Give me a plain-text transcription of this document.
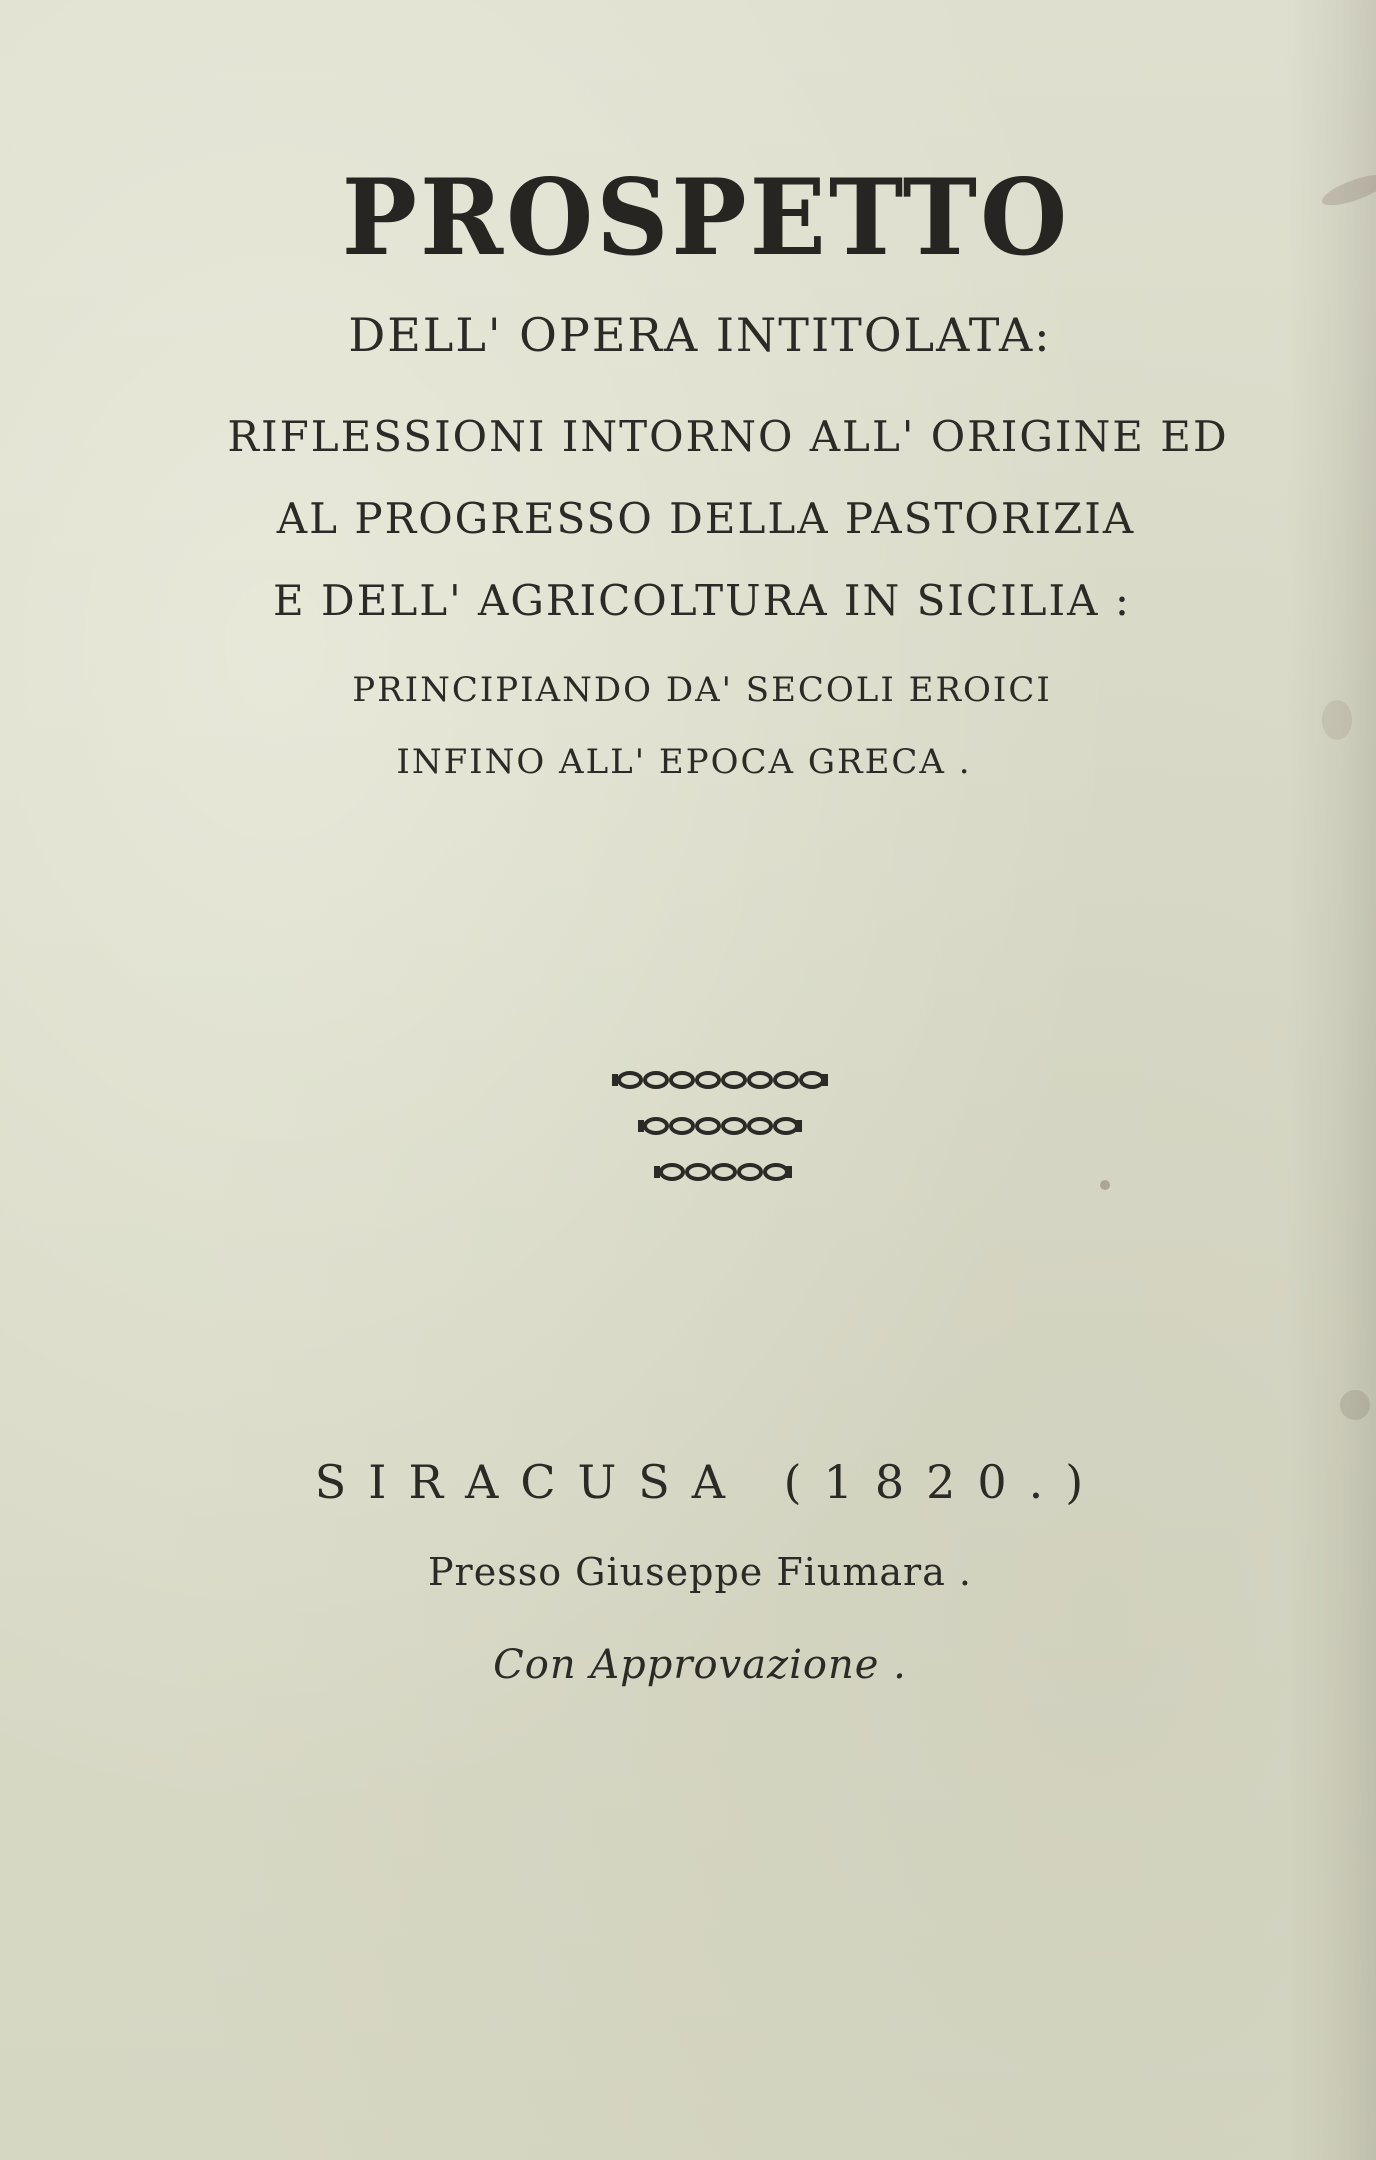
PROSPETTO
DELL' OPERA INTITOLATA:
RIFLESSIONI INTORNO ALL' ORIGINE ED
AL PROGRESSO DELLA PASTORIZIA
E DELL' AGRICOLTURA IN SICILIA :
PRINCIPIANDO DA' SECOLI EROICI
INFINO ALL' EPOCA GRECA .
SIRACUSA (1820.)
Presso Giuseppe Fiumara .
Con Approvazione .
